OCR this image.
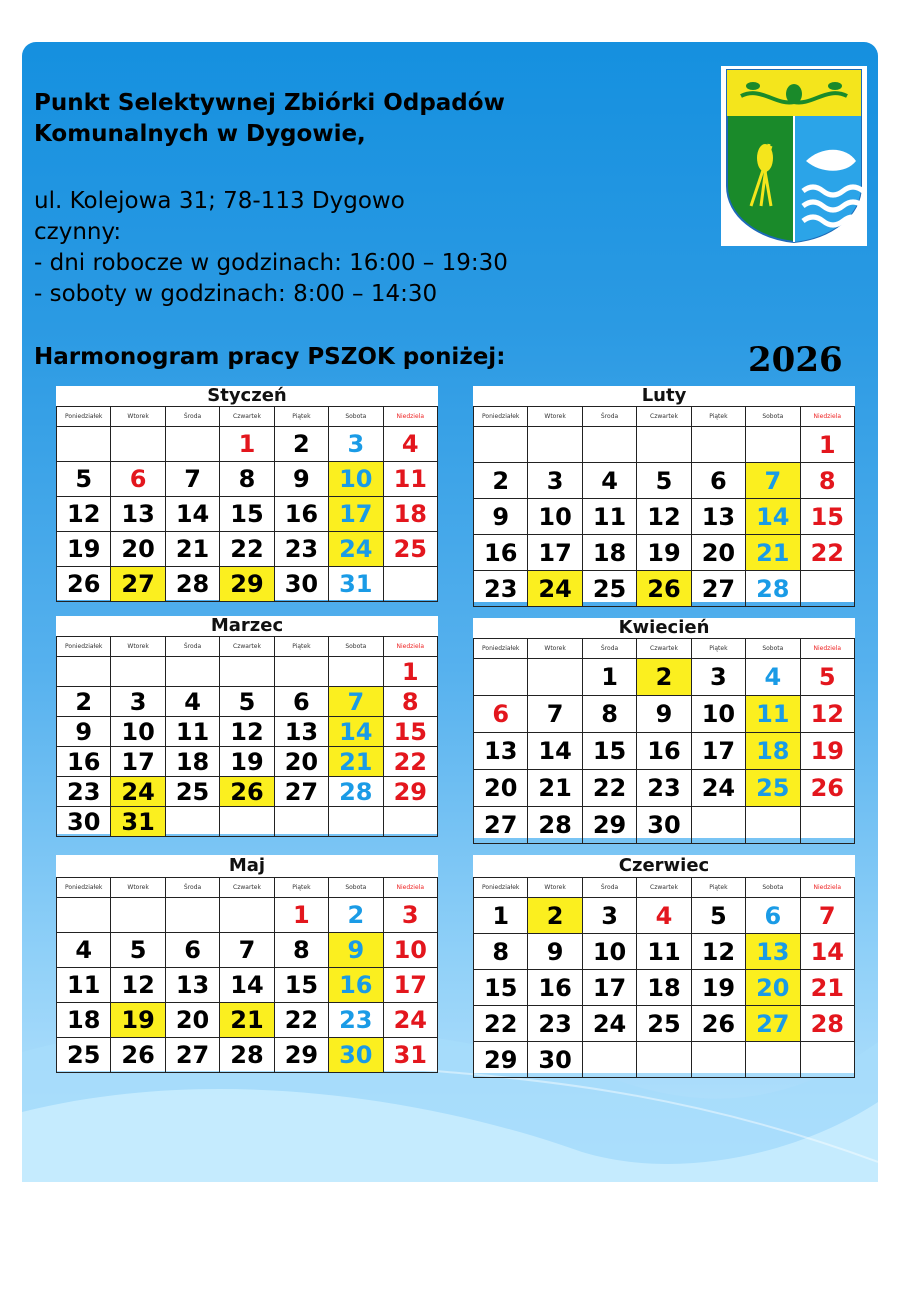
Punkt Selektywnej Zbiórki Odpadów
Komunalnych w Dygowie,
ul. Kolejowa 31; 78-113 Dygowo
czynny:
- dni robocze w godzinach: 16:00 – 19:30
- soboty w godzinach: 8:00 – 14:30
Harmonogram pracy PSZOK poniżej:	2026
Styczeń
Poniedziałek	Wtorek	Środa	Czwartek	Piątek	Sobota	Niedziela
			1	2	3	4
5	6	7	8	9	10	11
12	13	14	15	16	17	18
19	20	21	22	23	24	25
26	27	28	29	30	31	
Luty
Poniedziałek	Wtorek	Środa	Czwartek	Piątek	Sobota	Niedziela
						1
2	3	4	5	6	7	8
9	10	11	12	13	14	15
16	17	18	19	20	21	22
23	24	25	26	27	28	
Marzec
Poniedziałek	Wtorek	Środa	Czwartek	Piątek	Sobota	Niedziela
						1
2	3	4	5	6	7	8
9	10	11	12	13	14	15
16	17	18	19	20	21	22
23	24	25	26	27	28	29
30	31					
Kwiecień
Poniedziałek	Wtorek	Środa	Czwartek	Piątek	Sobota	Niedziela
		1	2	3	4	5
6	7	8	9	10	11	12
13	14	15	16	17	18	19
20	21	22	23	24	25	26
27	28	29	30			
Maj
Poniedziałek	Wtorek	Środa	Czwartek	Piątek	Sobota	Niedziela
				1	2	3
4	5	6	7	8	9	10
11	12	13	14	15	16	17
18	19	20	21	22	23	24
25	26	27	28	29	30	31
Czerwiec
Poniedziałek	Wtorek	Środa	Czwartek	Piątek	Sobota	Niedziela
1	2	3	4	5	6	7
8	9	10	11	12	13	14
15	16	17	18	19	20	21
22	23	24	25	26	27	28
29	30					
